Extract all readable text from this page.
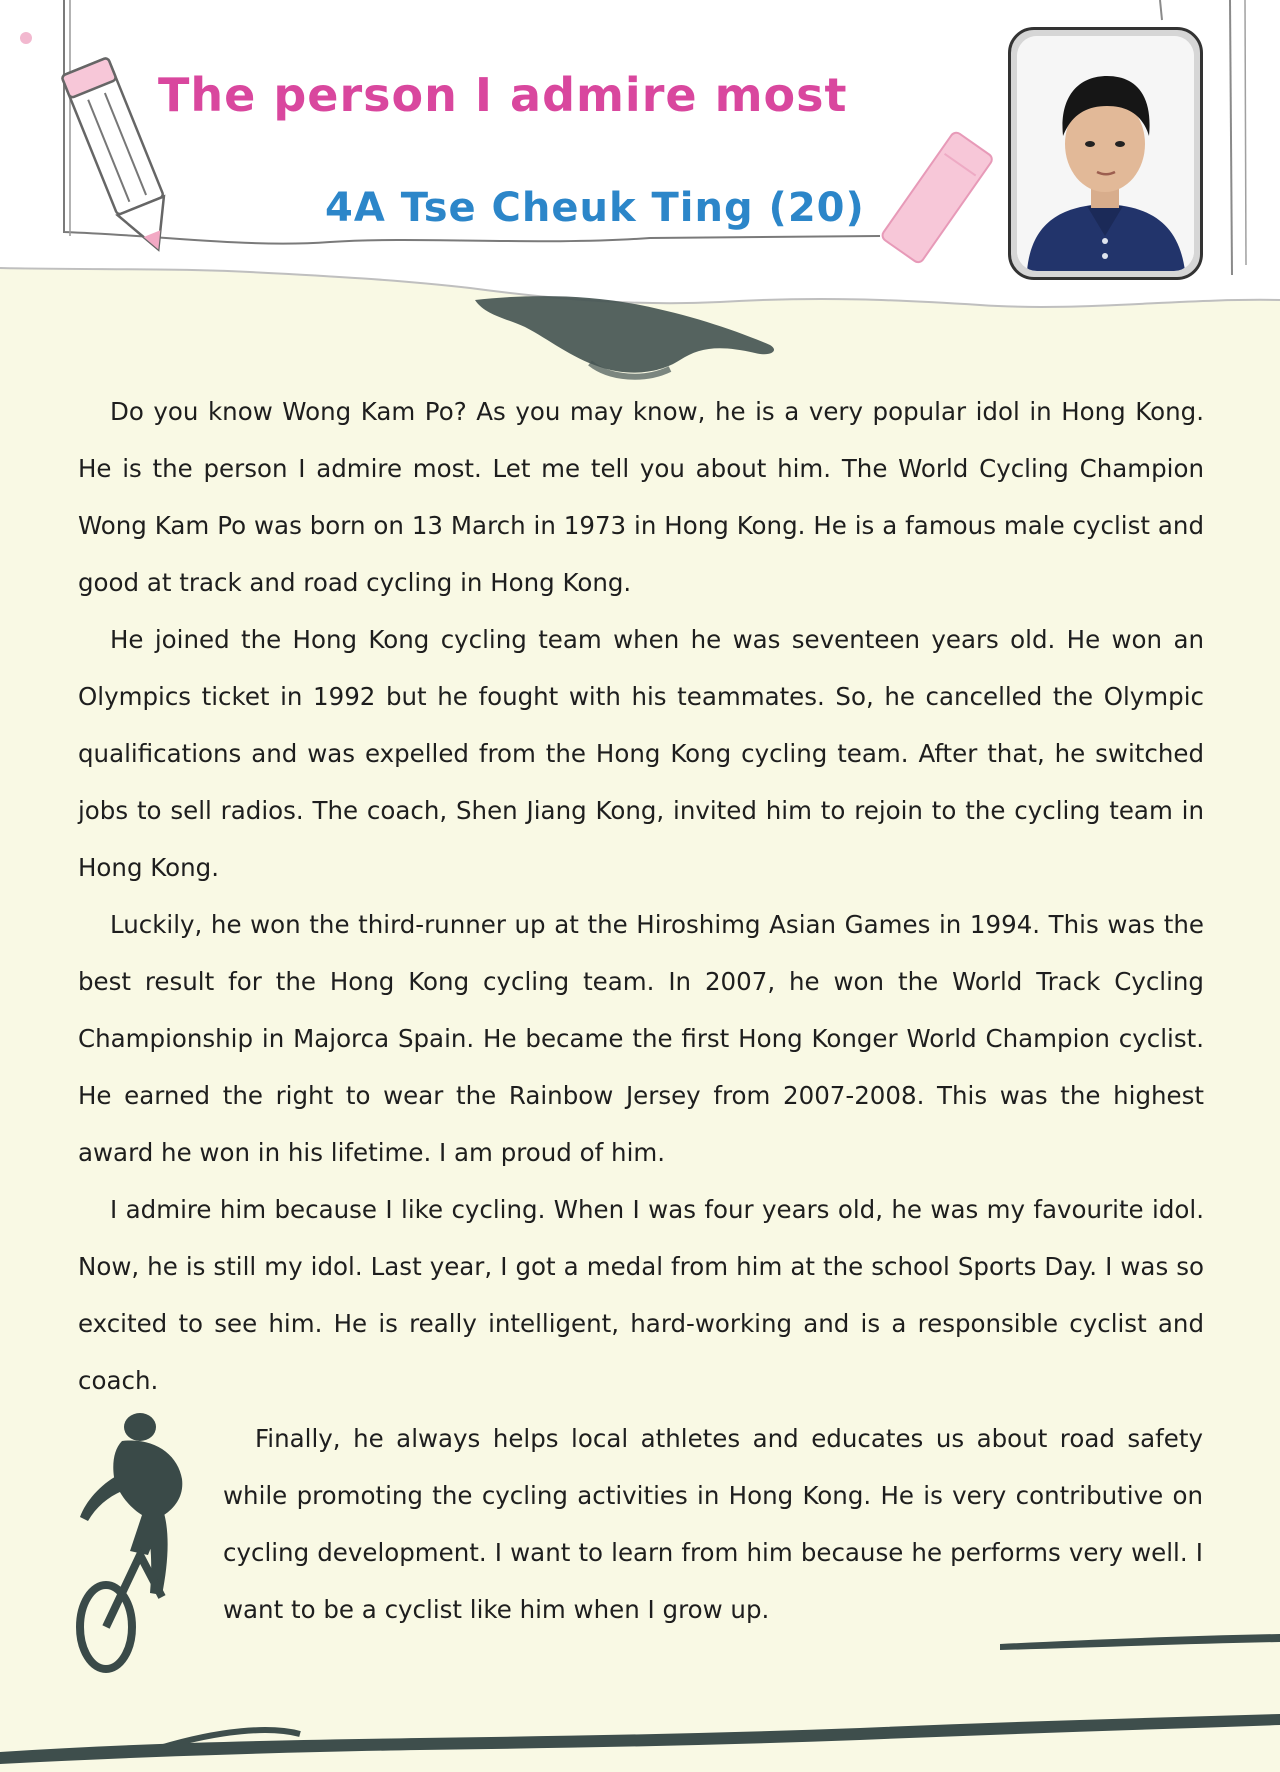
The person I admire most
4A Tse Cheuk Ting (20)

Do you know Wong Kam Po? As you may know, he is a very popular idol in Hong Kong. He is the person I admire most. Let me tell you about him. The World Cycling Champion Wong Kam Po was born on 13 March in 1973 in Hong Kong. He is a famous male cyclist and good at track and road cycling in Hong Kong.

He joined the Hong Kong cycling team when he was seventeen years old. He won an Olympics ticket in 1992 but he fought with his teammates. So, he cancelled the Olympic qualifications and was expelled from the Hong Kong cycling team. After that, he switched jobs to sell radios. The coach, Shen Jiang Kong, invited him to rejoin to the cycling team in Hong Kong.

Luckily, he won the third-runner up at the Hiroshimg Asian Games in 1994. This was the best result for the Hong Kong cycling team. In 2007, he won the World Track Cycling Championship in Majorca Spain. He became the first Hong Konger World Champion cyclist. He earned the right to wear the Rainbow Jersey from 2007-2008. This was the highest award he won in his lifetime. I am proud of him.

I admire him because I like cycling. When I was four years old, he was my favourite idol. Now, he is still my idol. Last year, I got a medal from him at the school Sports Day. I was so excited to see him. He is really intelligent, hard-working and is a responsible cyclist and coach.

Finally, he always helps local athletes and educates us about road safety while promoting the cycling activities in Hong Kong. He is very contributive on cycling development. I want to learn from him because he performs very well. I want to be a cyclist like him when I grow up.
